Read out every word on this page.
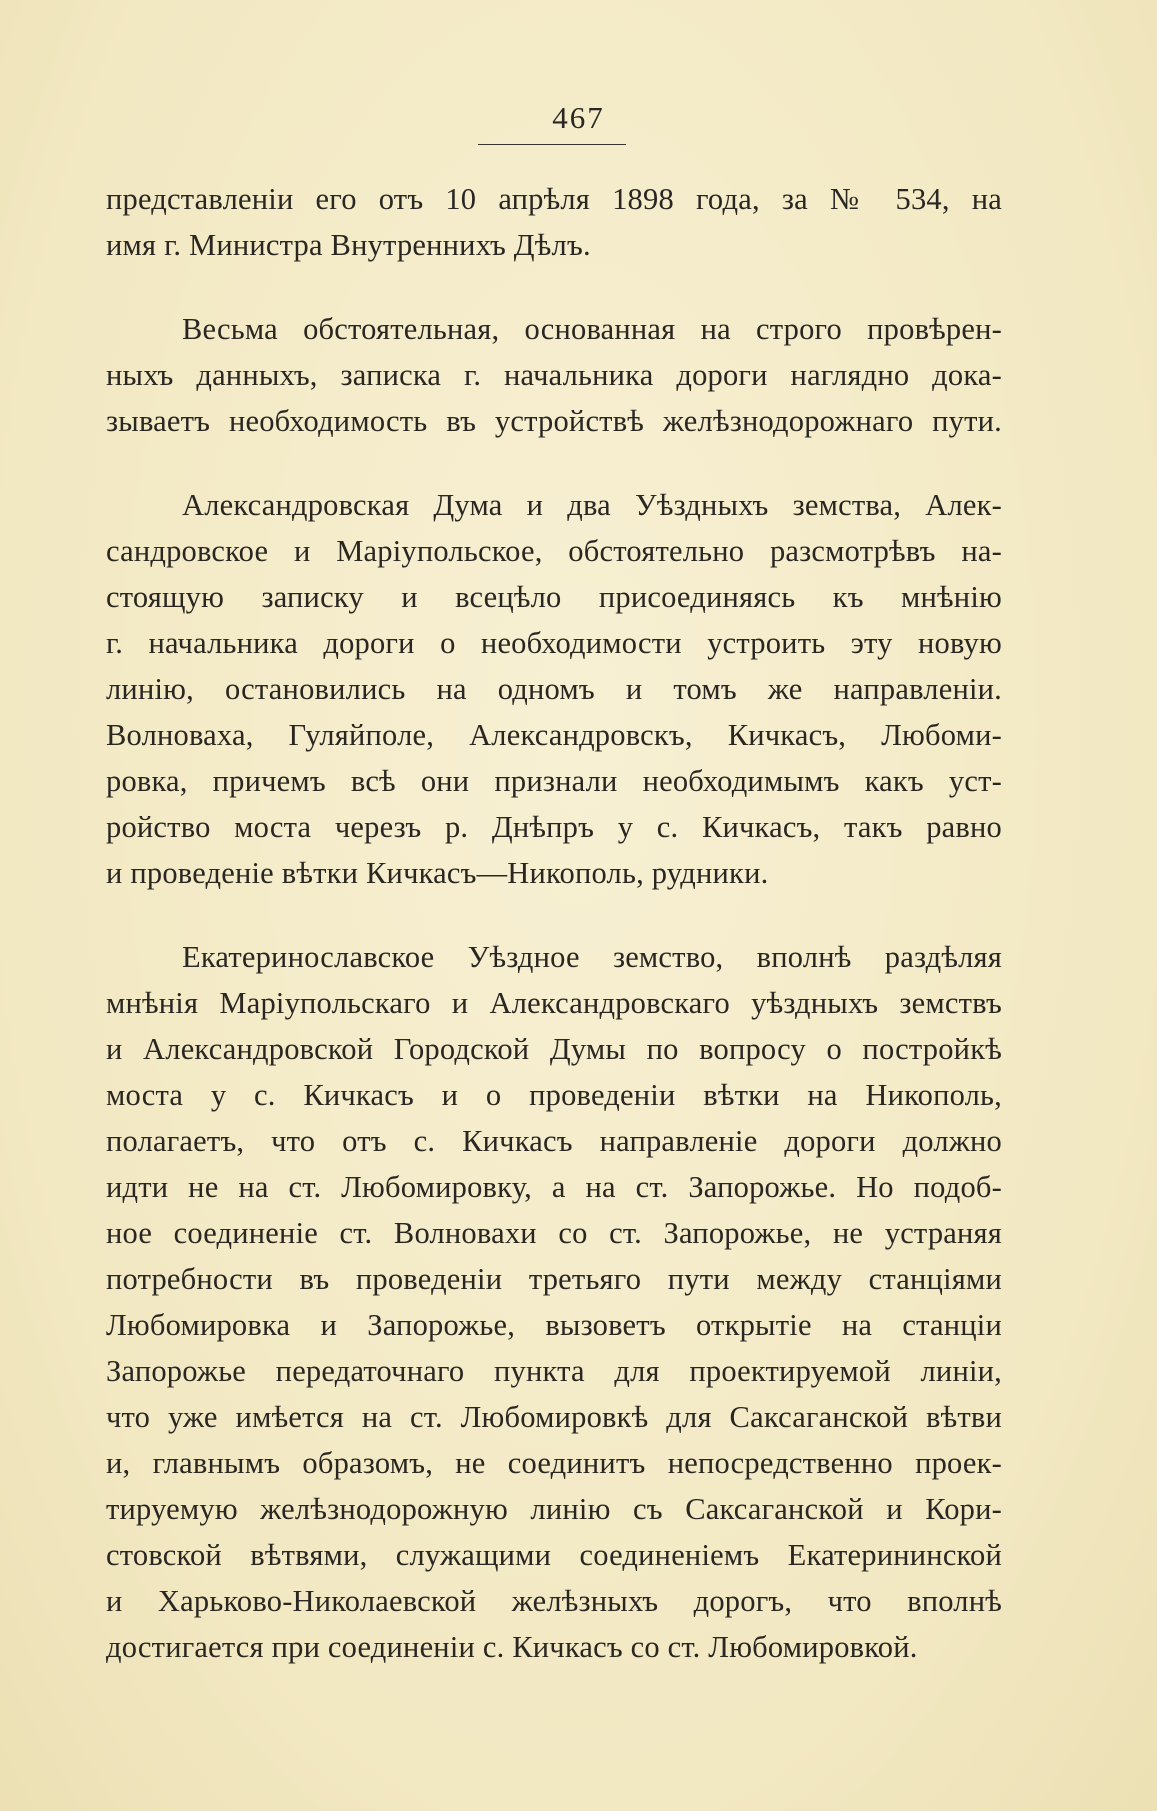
467
представленіи его отъ 10 апрѣля 1898 года, за № 534, на
имя г. Министра Внутреннихъ Дѣлъ.
Весьма обстоятельная, основанная на строго провѣрен-
ныхъ данныхъ, записка г. начальника дороги наглядно дока-
зываетъ необходимость въ устройствѣ желѣзнодорожнаго пути.
Александровская Дума и два Уѣздныхъ земства, Алек-
сандровское и Маріупольское, обстоятельно разсмотрѣвъ на-
стоящую записку и всецѣло присоединяясь къ мнѣнію
г. начальника дороги о необходимости устроить эту новую
линію, остановились на одномъ и томъ же направленіи.
Волноваха, Гуляйполе, Александровскъ, Кичкасъ, Любоми-
ровка, причемъ всѣ они признали необходимымъ какъ уст-
ройство моста черезъ р. Днѣпръ у с. Кичкасъ, такъ равно
и проведеніе вѣтки Кичкасъ—Никополь, рудники.
Екатеринославское Уѣздное земство, вполнѣ раздѣляя
мнѣнія Маріупольскаго и Александровскаго уѣздныхъ земствъ
и Александровской Городской Думы по вопросу о постройкѣ
моста у с. Кичкасъ и о проведеніи вѣтки на Никополь,
полагаетъ, что отъ с. Кичкасъ направленіе дороги должно
идти не на ст. Любомировку, а на ст. Запорожье. Но подоб-
ное соединеніе ст. Волновахи со ст. Запорожье, не устраняя
потребности въ проведеніи третьяго пути между станціями
Любомировка и Запорожье, вызоветъ открытіе на станціи
Запорожье передаточнаго пункта для проектируемой линіи,
что уже имѣется на ст. Любомировкѣ для Саксаганской вѣтви
и, главнымъ образомъ, не соединитъ непосредственно проек-
тируемую желѣзнодорожную линію съ Саксаганской и Кори-
стовской вѣтвями, служащими соединеніемъ Екатерининской
и Харьково-Николаевской желѣзныхъ дорогъ, что вполнѣ
достигается при соединеніи с. Кичкасъ со ст. Любомировкой.
